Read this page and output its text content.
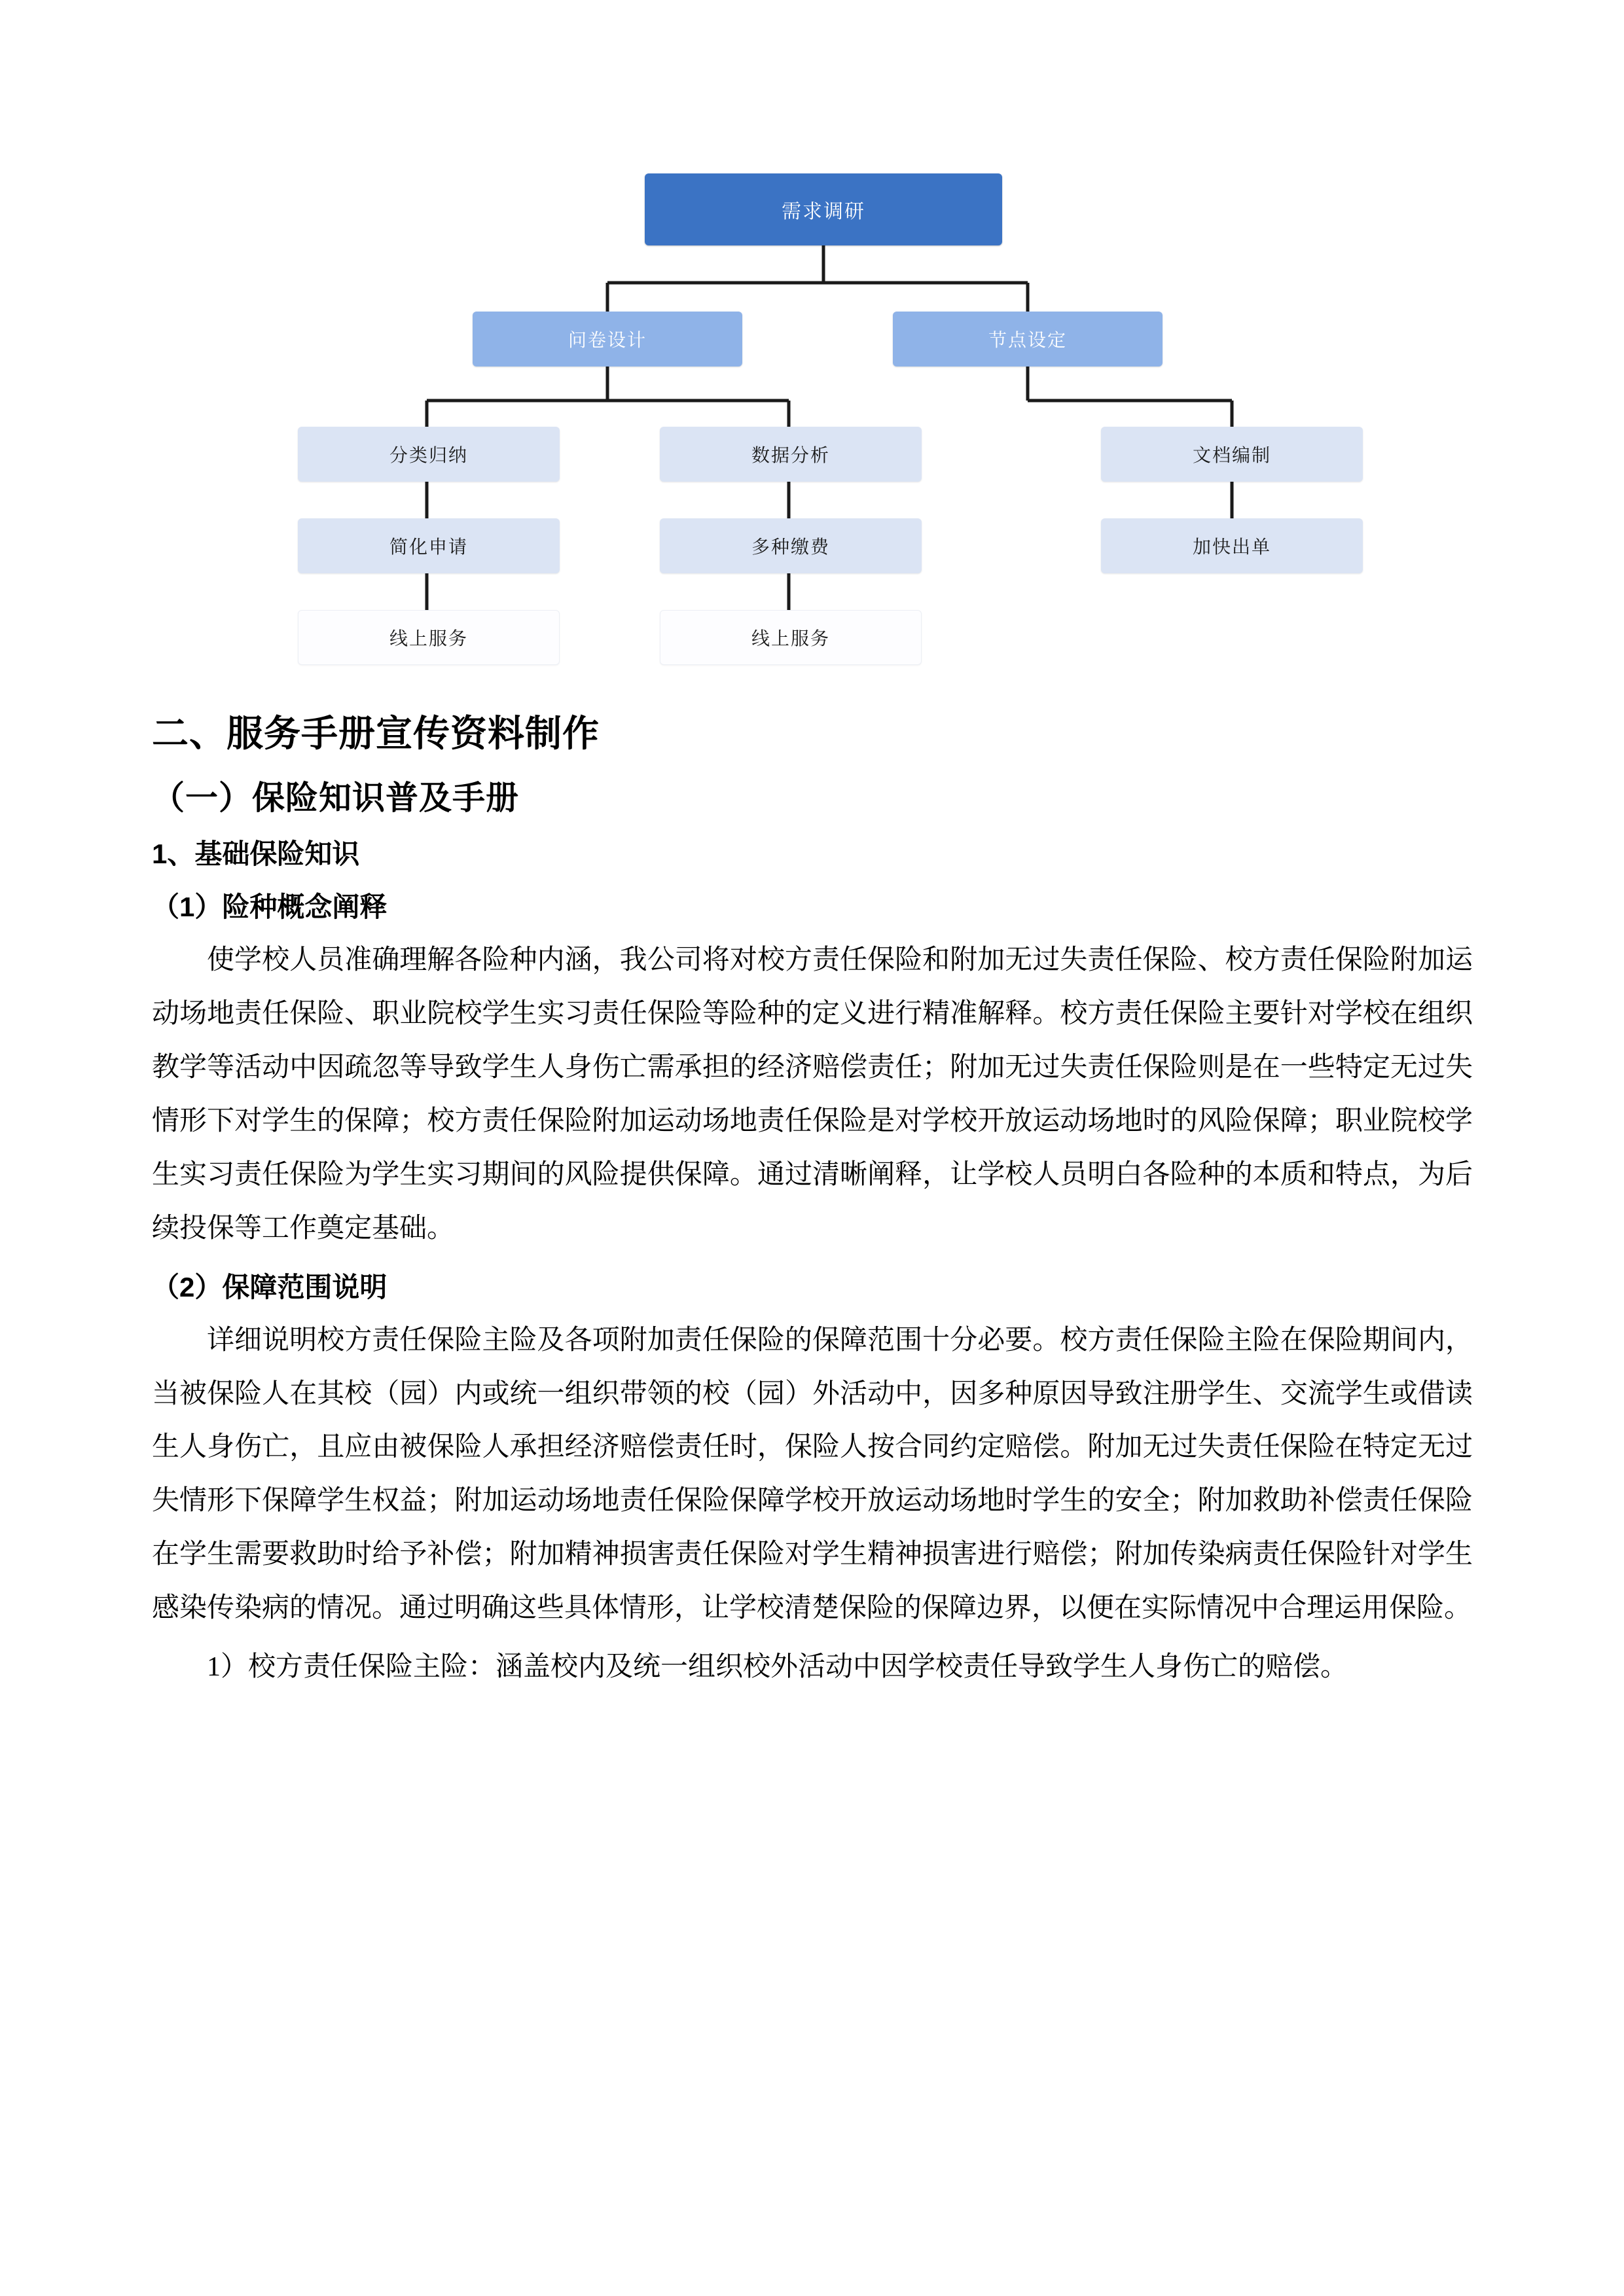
需求调研
问卷设计	节点设定
分类归纳	数据分析	文档编制
简化申请	多种缴费	加快出单
线上服务	线上服务
二、服务手册宣传资料制作
（一）保险知识普及手册
1、基础保险知识
（1）险种概念阐释

使学校人员准确理解各险种内涵，我公司将对校方责任保险和附加无过失责任保险、校方责任保险附加运动场地责任保险、职业院校学生实习责任保险等险种的定义进行精准解释。校方责任保险主要针对学校在组织教学等活动中因疏忽等导致学生人身伤亡需承担的经济赔偿责任；附加无过失责任保险则是在一些特定无过失情形下对学生的保障；校方责任保险附加运动场地责任保险是对学校开放运动场地时的风险保障；职业院校学生实习责任保险为学生实习期间的风险提供保障。通过清晰阐释，让学校人员明白各险种的本质和特点，为后续投保等工作奠定基础。

（2）保障范围说明

详细说明校方责任保险主险及各项附加责任保险的保障范围十分必要。校方责任保险主险在保险期间内，当被保险人在其校（园）内或统一组织带领的校（园）外活动中，因多种原因导致注册学生、交流学生或借读生人身伤亡，且应由被保险人承担经济赔偿责任时，保险人按合同约定赔偿。附加无过失责任保险在特定无过失情形下保障学生权益；附加运动场地责任保险保障学校开放运动场地时学生的安全；附加救助补偿责任保险在学生需要救助时给予补偿；附加精神损害责任保险对学生精神损害进行赔偿；附加传染病责任保险针对学生感染传染病的情况。通过明确这些具体情形，让学校清楚保险的保障边界，以便在实际情况中合理运用保险。

1）校方责任保险主险：涵盖校内及统一组织校外活动中因学校责任导致学生人身伤亡的赔偿。
